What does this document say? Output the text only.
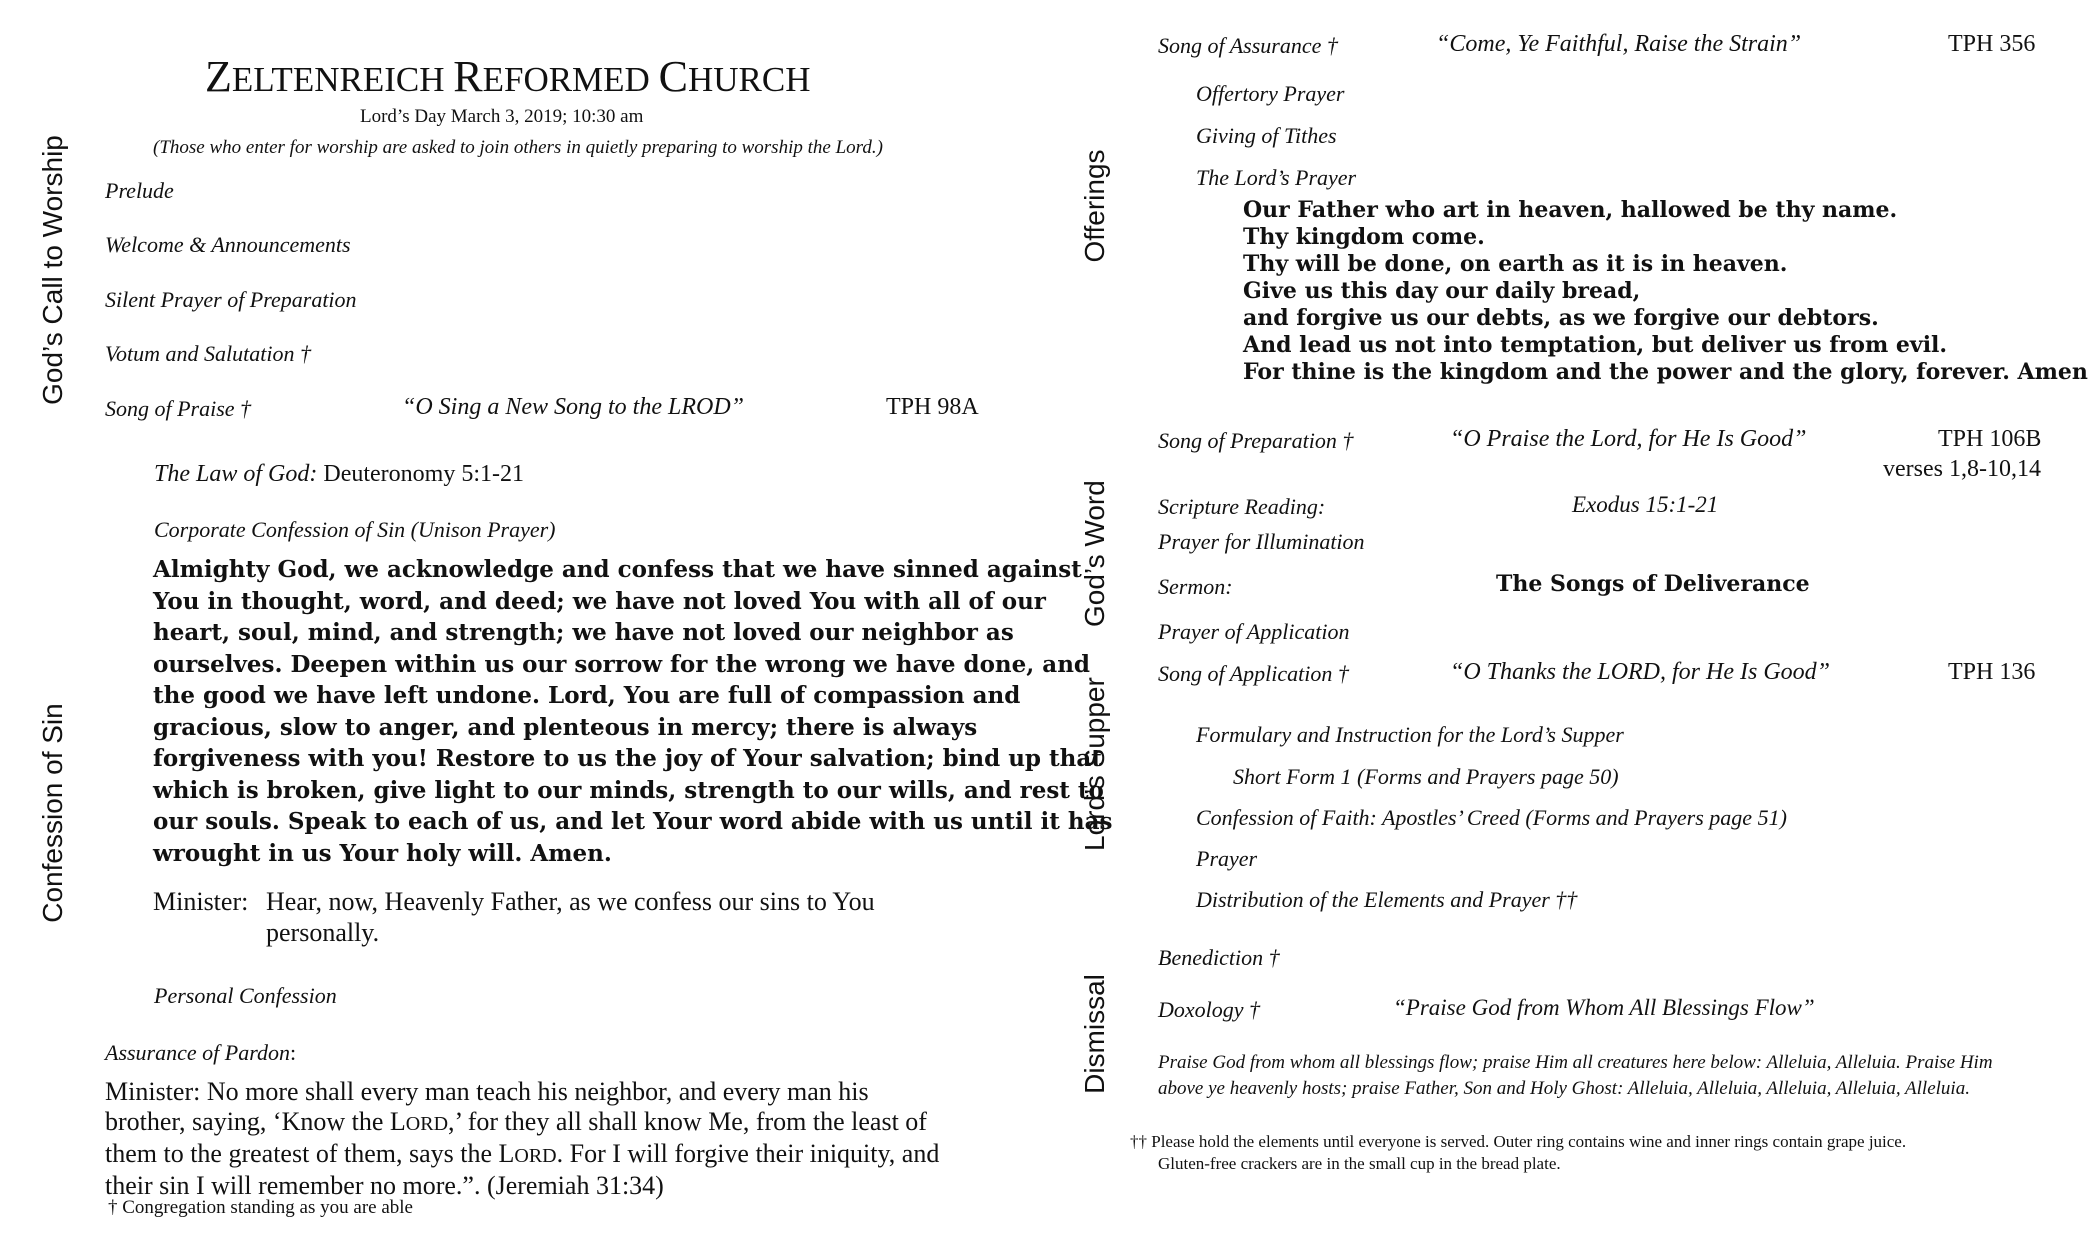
ZELTENREICH REFORMED CHURCH
Lord’s Day March 3, 2019; 10:30 am
(Those who enter for worship are asked to join others in quietly preparing to worship the Lord.)
God’s Call to Worship
Confession of Sin
Prelude
Welcome & Announcements
Silent Prayer of Preparation
Votum and Salutation †
Song of Praise †	“O Sing a New Song to the LROD”	TPH 98A
The Law of God: Deuteronomy 5:1-21
Corporate Confession of Sin (Unison Prayer)
Almighty God, we acknowledge and confess that we have sinned against
You in thought, word, and deed; we have not loved You with all of our
heart, soul, mind, and strength; we have not loved our neighbor as
ourselves. Deepen within us our sorrow for the wrong we have done, and
the good we have left undone. Lord, You are full of compassion and
gracious, slow to anger, and plenteous in mercy; there is always
forgiveness with you! Restore to us the joy of Your salvation; bind up that
which is broken, give light to our minds, strength to our wills, and rest to
our souls. Speak to each of us, and let Your word abide with us until it has
wrought in us Your holy will. Amen.
Minister: Hear, now, Heavenly Father, as we confess our sins to You
personally.
Personal Confession
Assurance of Pardon:
Minister: No more shall every man teach his neighbor, and every man his
brother, saying, ‘Know the LORD,’ for they all shall know Me, from the least of
them to the greatest of them, says the LORD. For I will forgive their iniquity, and
their sin I will remember no more.”. (Jeremiah 31:34)
† Congregation standing as you are able
Offerings
God’s Word
Lord’s Supper
Dismissal
Song of Assurance †	“Come, Ye Faithful, Raise the Strain”	TPH 356
Offertory Prayer
Giving of Tithes
The Lord’s Prayer
Our Father who art in heaven, hallowed be thy name.
Thy kingdom come.
Thy will be done, on earth as it is in heaven.
Give us this day our daily bread,
and forgive us our debts, as we forgive our debtors.
And lead us not into temptation, but deliver us from evil.
For thine is the kingdom and the power and the glory, forever. Amen
Song of Preparation †	“O Praise the Lord, for He Is Good”	TPH 106B
verses 1,8-10,14
Scripture Reading:	Exodus 15:1-21
Prayer for Illumination
Sermon:	The Songs of Deliverance
Prayer of Application
Song of Application †	“O Thanks the LORD, for He Is Good”	TPH 136
Formulary and Instruction for the Lord’s Supper
Short Form 1 (Forms and Prayers page 50)
Confession of Faith: Apostles’ Creed (Forms and Prayers page 51)
Prayer
Distribution of the Elements and Prayer ††
Benediction †
Doxology †	“Praise God from Whom All Blessings Flow”
Praise God from whom all blessings flow; praise Him all creatures here below: Alleluia, Alleluia. Praise Him
above ye heavenly hosts; praise Father, Son and Holy Ghost: Alleluia, Alleluia, Alleluia, Alleluia, Alleluia.
†† Please hold the elements until everyone is served. Outer ring contains wine and inner rings contain grape juice.
Gluten-free crackers are in the small cup in the bread plate.
